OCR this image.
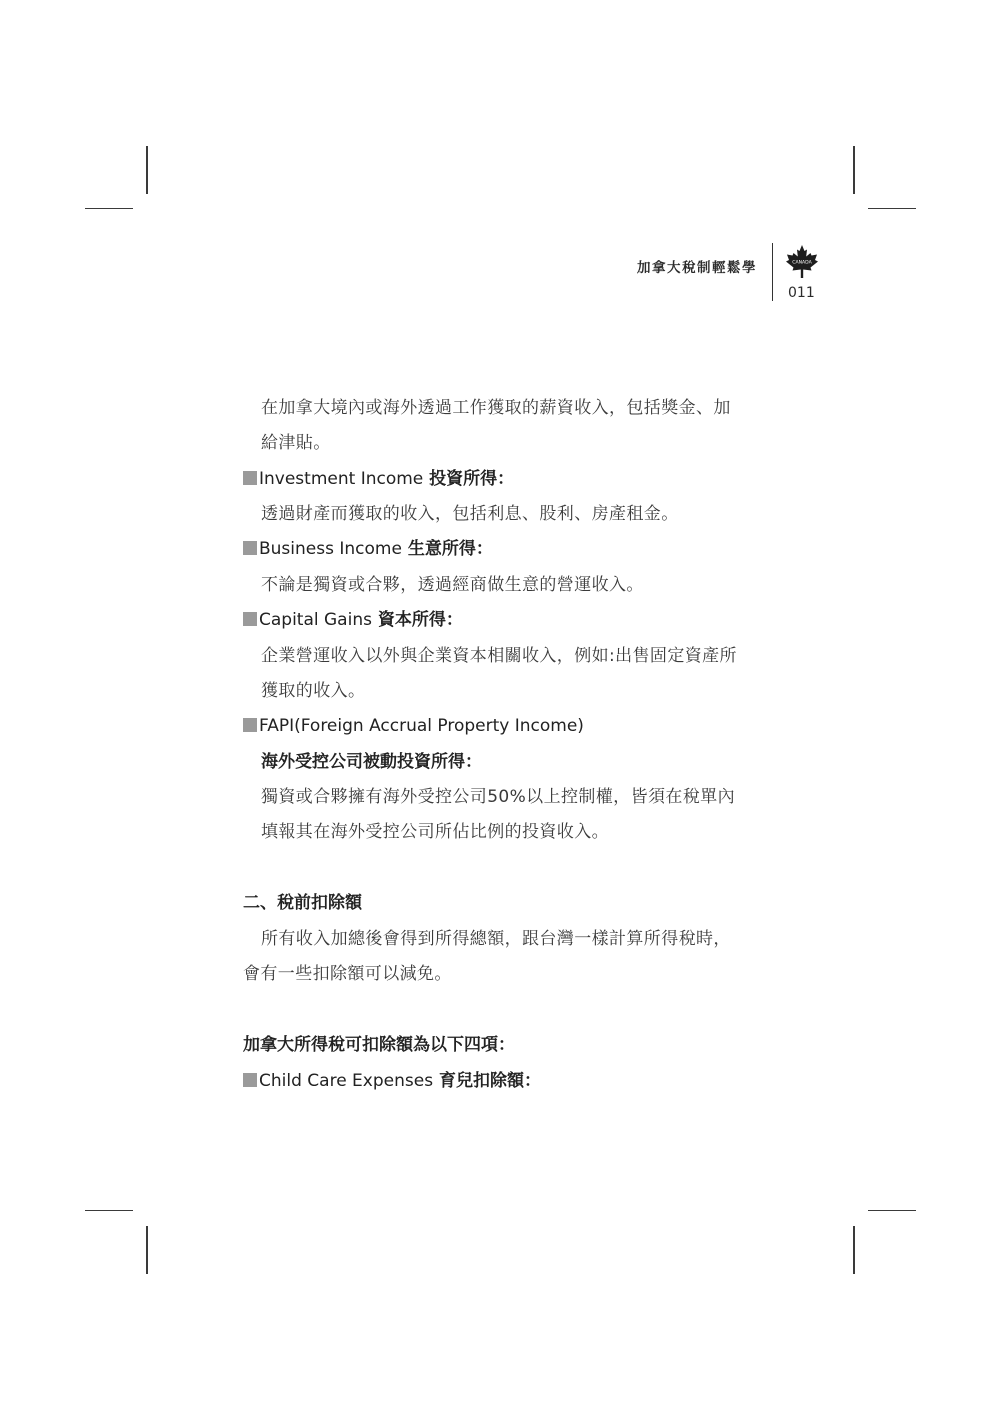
加拿大稅制輕鬆學	CANADA
011
在加拿大境內或海外透過工作獲取的薪資收入，包括獎金、加
給津貼。
Investment Income 投資所得：
透過財產而獲取的收入，包括利息、股利、房產租金。
Business Income 生意所得：
不論是獨資或合夥，透過經商做生意的營運收入。
Capital Gains 資本所得：
企業營運收入以外與企業資本相關收入，例如:出售固定資產所
獲取的收入。
FAPI(Foreign Accrual Property Income)
海外受控公司被動投資所得：
獨資或合夥擁有海外受控公司50%以上控制權，皆須在稅單內
填報其在海外受控公司所佔比例的投資收入。
二、稅前扣除額
所有收入加總後會得到所得總額，跟台灣一樣計算所得稅時，
會有一些扣除額可以減免。
加拿大所得稅可扣除額為以下四項：
Child Care Expenses 育兒扣除額：
